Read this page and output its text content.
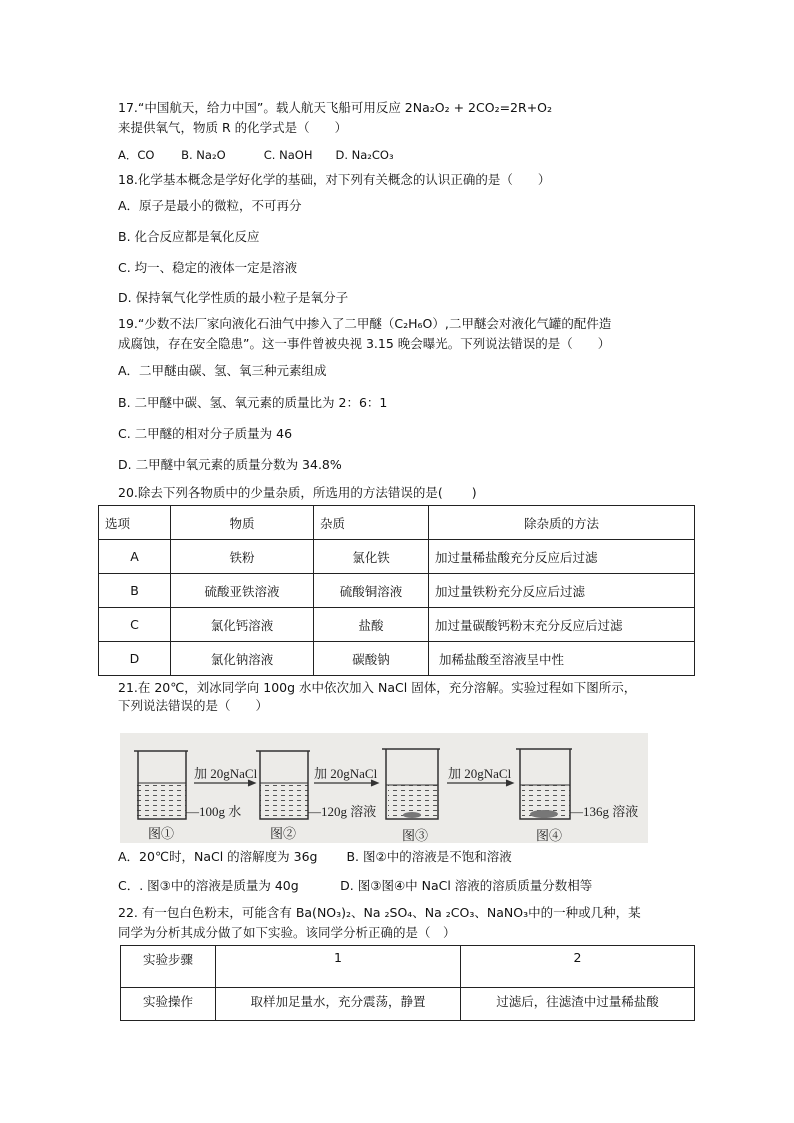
17.“中国航天，给力中国”。载人航天飞船可用反应 2Na₂O₂ + 2CO₂=2R+O₂
来提供氧气，物质 R 的化学式是（　　）
A．CO　　 B. Na₂O　　　 C. NaOH　　D. Na₂CO₃
18.化学基本概念是学好化学的基础，对下列有关概念的认识正确的是（　　）
A．原子是最小的微粒，不可再分
B. 化合反应都是氧化反应
C. 均一、稳定的液体一定是溶液
D. 保持氧气化学性质的最小粒子是氧分子
19.“少数不法厂家向液化石油气中掺入了二甲醚（C₂H₆O）,二甲醚会对液化气罐的配件造
成腐蚀，存在安全隐患”。这一事件曾被央视 3.15 晚会曝光。下列说法错误的是（　　）
A．二甲醚由碳、氢、氧三种元素组成
B. 二甲醚中碳、氢、氧元素的质量比为 2：6：1
C. 二甲醚的相对分子质量为 46
D. 二甲醚中氧元素的质量分数为 34.8%
20.除去下列各物质中的少量杂质，所选用的方法错误的是(　　 )
选项	物质	杂质	除杂质的方法
A	铁粉	氯化铁	加过量稀盐酸充分反应后过滤
B	硫酸亚铁溶液	硫酸铜溶液	加过量铁粉充分反应后过滤
C	氯化钙溶液	盐酸	加过量碳酸钙粉末充分反应后过滤
D	氯化钠溶液	碳酸钠	加稀盐酸至溶液呈中性
21.在 20℃，刘冰同学向 100g 水中依次加入 NaCl 固体，充分溶解。实验过程如下图所示，
下列说法错误的是（　　）
加 20gNaCl	加 20gNaCl	加 20gNaCl
—100g 水	—120g 溶液	—136g 溶液
图①	图②	图③	图④
A．20℃时，NaCl 的溶解度为 36g　　 B. 图②中的溶液是不饱和溶液
C．. 图③中的溶液是质量为 40g　　　 D. 图③图④中 NaCl 溶液的溶质质量分数相等
22. 有一包白色粉末，可能含有 Ba(NO₃)₂、Na ₂SO₄、Na ₂CO₃、NaNO₃中的一种或几种，某
同学为分析其成分做了如下实验。该同学分析正确的是（　）
实验步骤	1	2
实验操作	取样加足量水，充分震荡，静置	过滤后，往滤渣中过量稀盐酸
